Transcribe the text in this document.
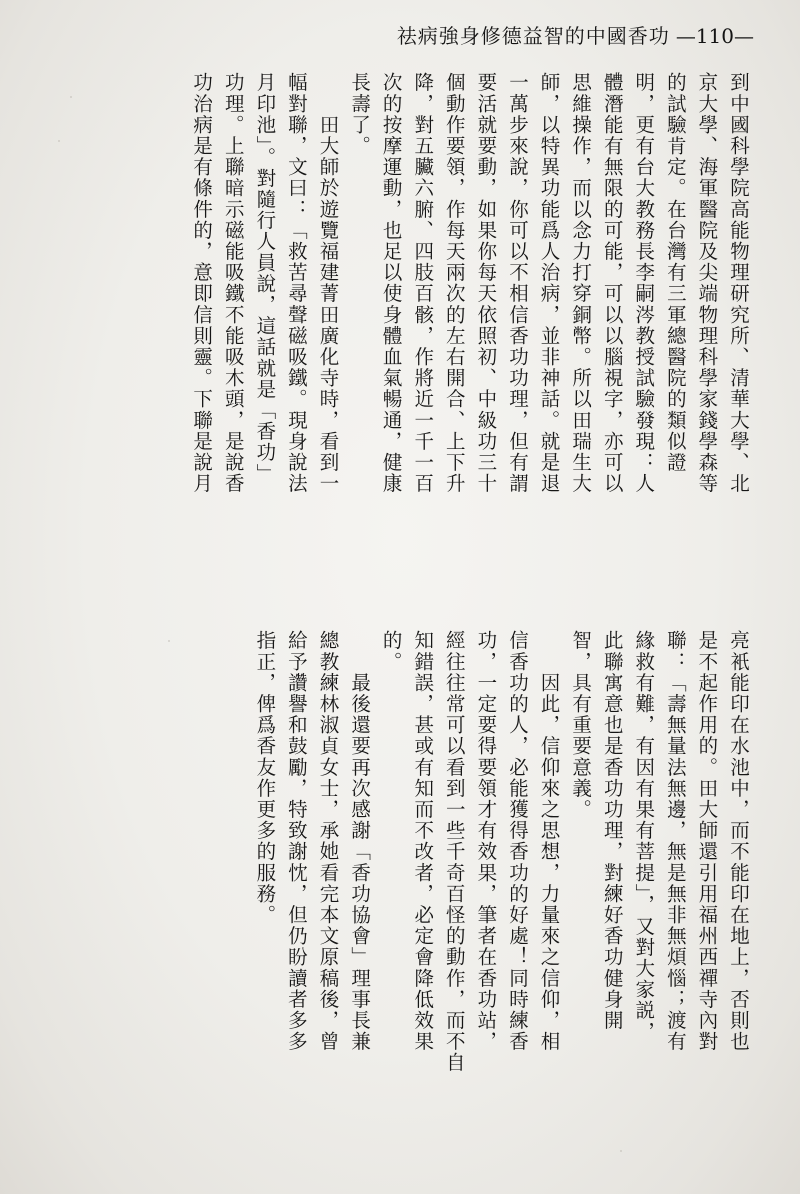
祛病強身修德益智的中國香功 —110—
到中國科學院高能物理研究所、清華大學、北
京大學、海軍醫院及尖端物理科學家錢學森等
的試驗肯定。在台灣有三軍總醫院的類似證
明，更有台大教務長李嗣涔教授試驗發現：人
體潛能有無限的可能，可以以腦視字，亦可以
思維操作，而以念力打穿銅幣。所以田瑞生大
師，以特異功能爲人治病，並非神話。就是退
一萬步來說，你可以不相信香功功理，但有謂
要活就要動，如果你每天依照初、中級功三十
個動作要領，作每天兩次的左右開合、上下升
降，對五臟六腑、四肢百骸，作將近一千一百
次的按摩運動，也足以使身體血氣暢通，健康
長壽了。
　　田大師於遊覽福建菁田廣化寺時，看到一
幅對聯，文曰：「救苦尋聲磁吸鐵。現身說法
月印池」。對隨行人員說，這話就是「香功」
功理。上聯暗示磁能吸鐵不能吸木頭，是說香
功治病是有條件的，意即信則靈。下聯是說月
亮衹能印在水池中，而不能印在地上，否則也
是不起作用的。田大師還引用福州西禪寺內對
聯：「壽無量法無邊，無是無非無煩惱；渡有
緣救有難，有因有果有菩提」，又對大家説，
此聯寓意也是香功功理，對練好香功健身開
智，具有重要意義。
　　因此，信仰來之思想，力量來之信仰，相
信香功的人，必能獲得香功的好處！同時練香
功，一定要得要領才有效果，筆者在香功站，
經往往常可以看到一些千奇百怪的動作，而不自
知錯誤，甚或有知而不改者，必定會降低效果
的。
　　最後還要再次感謝「香功協會」理事長兼
總教練林淑貞女士，承她看完本文原稿後，曾
給予讚譽和鼓勵，特致謝忱，但仍盼讀者多多
指正，俾爲香友作更多的服務。
